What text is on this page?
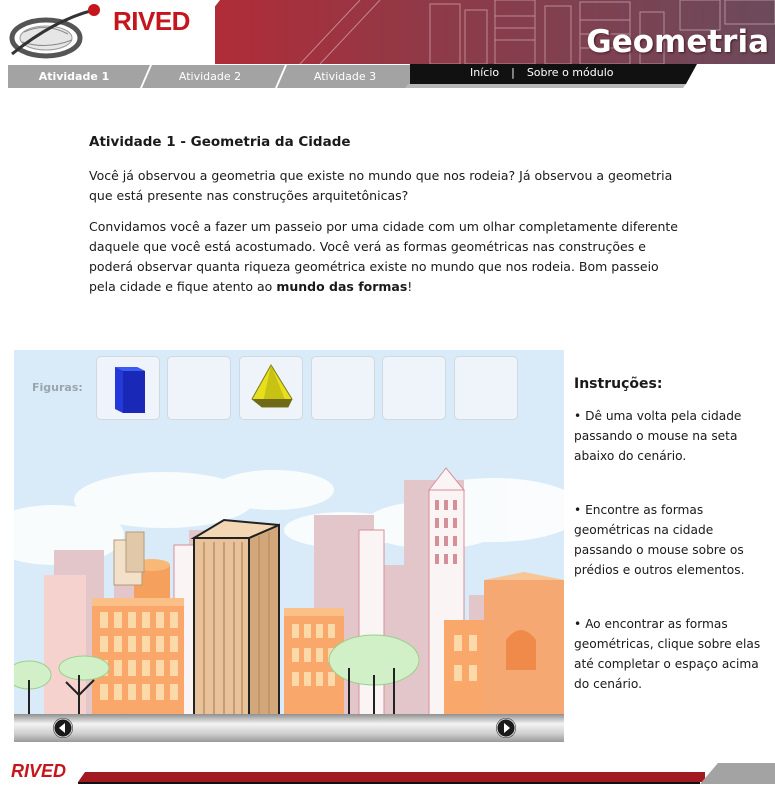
Geometria
RIVED
Atividade 1	Atividade 2	Atividade 3	Início | Sobre o módulo
Atividade 1 - Geometria da Cidade

Você já observou a geometria que existe no mundo que nos rodeia? Já observou a geometria que está presente nas construções arquitetônicas?

Convidamos você a fazer um passeio por uma cidade com um olhar completamente diferente daquele que você está acostumado. Você verá as formas geométricas nas construções e poderá observar quanta riqueza geométrica existe no mundo que nos rodeia. Bom passeio pela cidade e fique atento ao mundo das formas!

Figuras:	Instruções:
• Dê uma volta pela cidade passando o mouse na seta abaixo do cenário.
• Encontre as formas geométricas na cidade passando o mouse sobre os prédios e outros elementos.
• Ao encontrar as formas geométricas, clique sobre elas até completar o espaço acima do cenário.
RIVED
